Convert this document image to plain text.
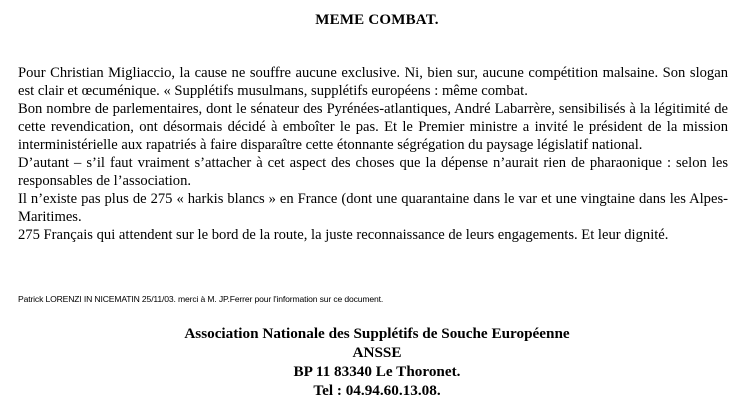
MEME COMBAT.

Pour Christian Migliaccio, la cause ne souffre aucune exclusive. Ni, bien sur, aucune compétition malsaine. Son slogan est clair et œcuménique. « Supplétifs musulmans, supplétifs européens : même combat.

Bon nombre de parlementaires, dont le sénateur des Pyrénées-atlantiques, André Labarrère, sensibilisés à la légitimité de cette revendication, ont désormais décidé à emboîter le pas. Et le Premier ministre a invité le président de la mission interministérielle aux rapatriés à faire disparaître cette étonnante ségrégation du paysage législatif national.

D’autant – s’il faut vraiment s’attacher à cet aspect des choses que la dépense n’aurait rien de pharaonique : selon les responsables de l’association.

Il n’existe pas plus de 275 « harkis blancs » en France (dont une quarantaine dans le var et une vingtaine dans les Alpes-Maritimes.

275 Français qui attendent sur le bord de la route, la juste reconnaissance de leurs engagements. Et leur dignité.

Patrick LORENZI IN NICEMATIN 25/11/03. merci à M. JP.Ferrer pour l'information sur ce document.
Association Nationale des Supplétifs de Souche Européenne
ANSSE
BP 11 83340 Le Thoronet.
Tel : 04.94.60.13.08.
